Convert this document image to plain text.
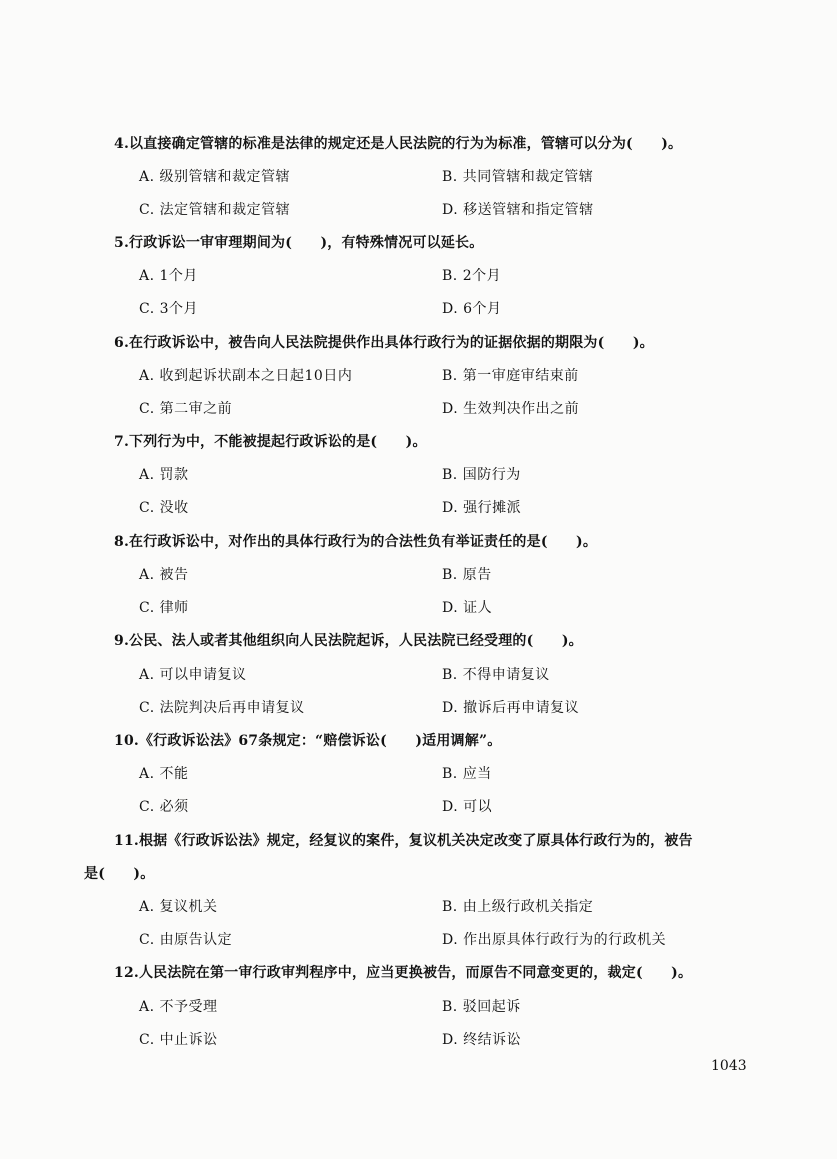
4.以直接确定管辖的标准是法律的规定还是人民法院的行为为标准，管辖可以分为(　　)。
A. 级别管辖和裁定管辖	B. 共同管辖和裁定管辖
C. 法定管辖和裁定管辖	D. 移送管辖和指定管辖
5.行政诉讼一审审理期间为(　　)，有特殊情况可以延长。
A. 1个月	B. 2个月
C. 3个月	D. 6个月
6.在行政诉讼中，被告向人民法院提供作出具体行政行为的证据依据的期限为(　　)。
A. 收到起诉状副本之日起10日内	B. 第一审庭审结束前
C. 第二审之前	D. 生效判决作出之前
7.下列行为中，不能被提起行政诉讼的是(　　)。
A. 罚款	B. 国防行为
C. 没收	D. 强行摊派
8.在行政诉讼中，对作出的具体行政行为的合法性负有举证责任的是(　　)。
A. 被告	B. 原告
C. 律师	D. 证人
9.公民、法人或者其他组织向人民法院起诉，人民法院已经受理的(　　)。
A. 可以申请复议	B. 不得申请复议
C. 法院判决后再申请复议	D. 撤诉后再申请复议
10.《行政诉讼法》67条规定：“赔偿诉讼(　　)适用调解”。
A. 不能	B. 应当
C. 必须	D. 可以
11.根据《行政诉讼法》规定，经复议的案件，复议机关决定改变了原具体行政行为的，被告
是(　　)。
A. 复议机关	B. 由上级行政机关指定
C. 由原告认定	D. 作出原具体行政行为的行政机关
12.人民法院在第一审行政审判程序中，应当更换被告，而原告不同意变更的，裁定(　　)。
A. 不予受理	B. 驳回起诉
C. 中止诉讼	D. 终结诉讼
1043
